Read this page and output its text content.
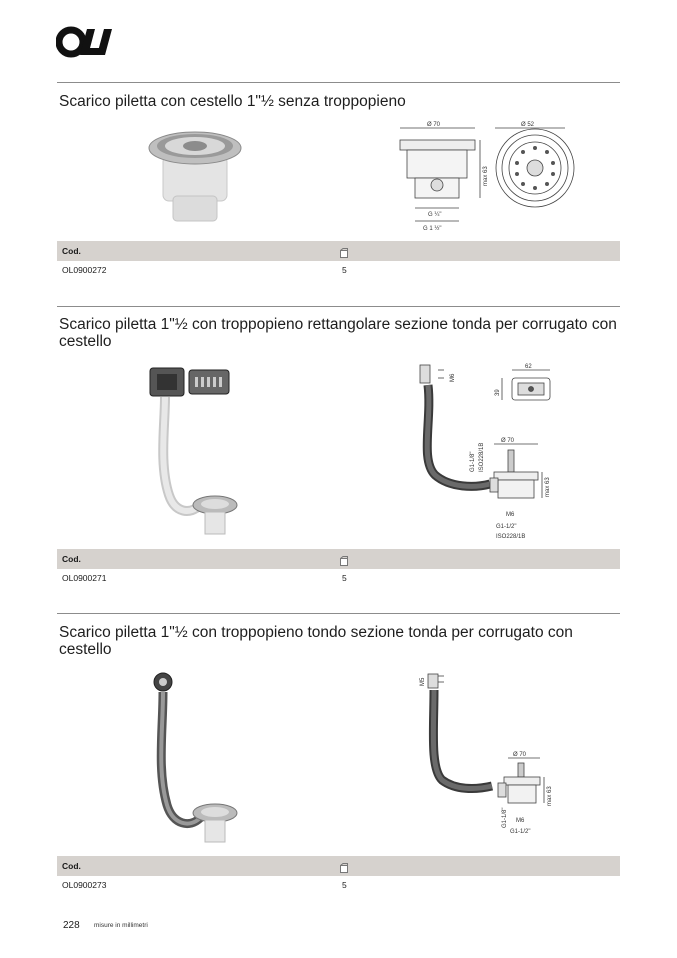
Scarico piletta con cestello 1"½ senza troppopieno
Ø 70
max 63
G ¼"
G 1 ½"
Ø 52
Cod.
OL0900272	5
Scarico piletta 1"½ con troppopieno rettangolare sezione tonda per corrugato con cestello
M6
62
39
Ø 70
G1-1/8" ISO228/1B
max 63
M6
G1-1/2"
ISO228/1B
Cod.
OL0900271	5
Scarico piletta 1"½ con troppopieno tondo sezione tonda per corrugato con cestello
M5
Ø 70
G1-1/8"
max 63
M6
G1-1/2"
Cod.
OL0900273	5
228 misure in millimetri
